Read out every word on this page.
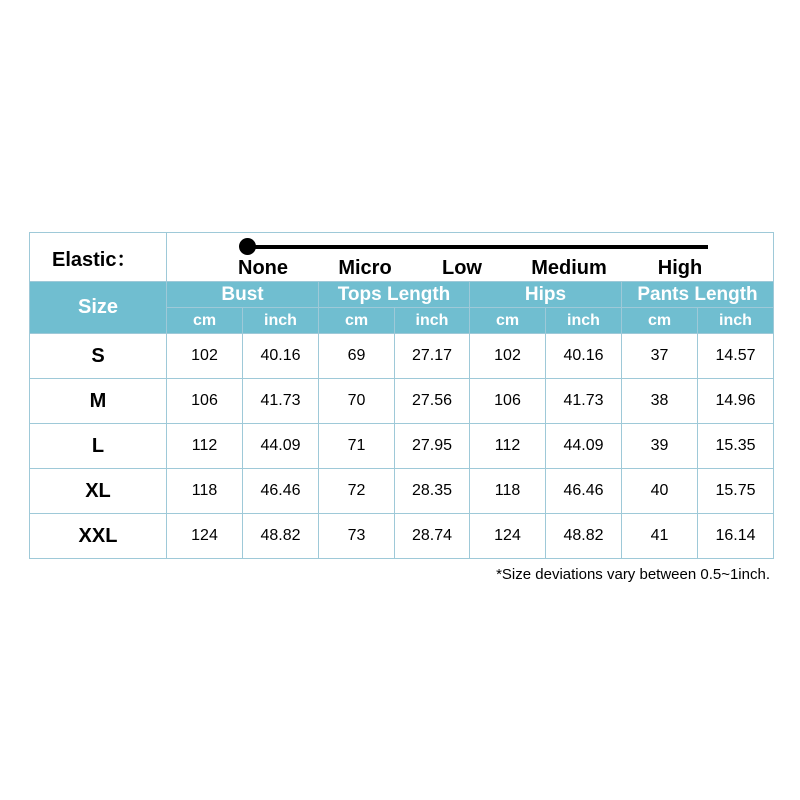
Elastic：	None Micro Low Medium High							

Size	Bust		Tops Length		Hips		Pants Length	
	cm	inch	cm	inch	cm	inch	cm	inch
S	102	40.16	69	27.17	102	40.16	37	14.57
M	106	41.73	70	27.56	106	41.73	38	14.96
L	112	44.09	71	27.95	112	44.09	39	15.35
XL	118	46.46	72	28.35	118	46.46	40	15.75
XXL	124	48.82	73	28.74	124	48.82	41	16.14
*Size deviations vary between 0.5~1inch.
